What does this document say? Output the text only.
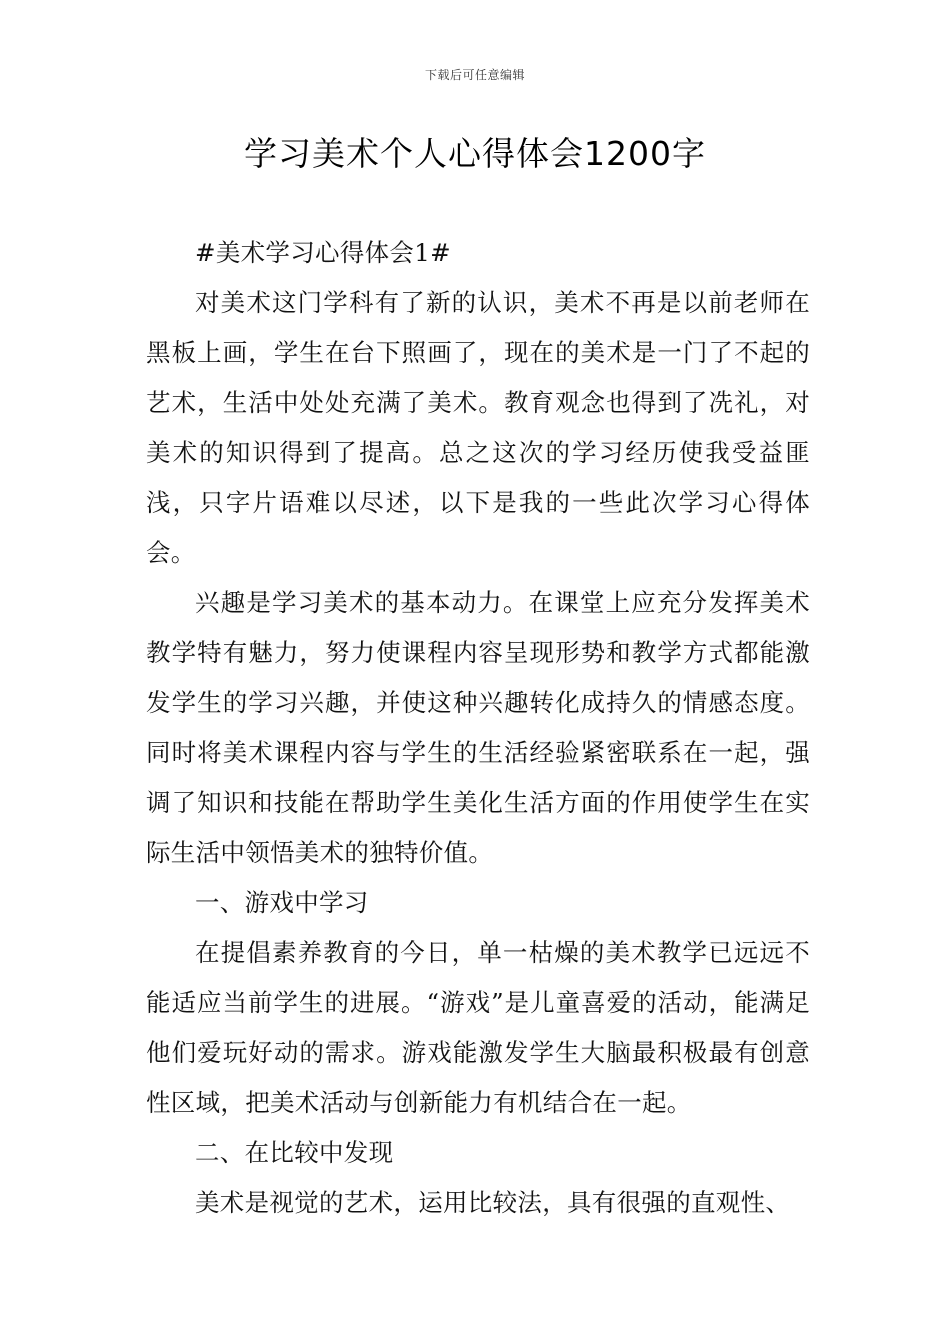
下载后可任意编辑
学习美术个人心得体会1200字

#美术学习心得体会1#

对美术这门学科有了新的认识，美术不再是以前老师在黑板上画，学生在台下照画了，现在的美术是一门了不起的艺术，生活中处处充满了美术。教育观念也得到了冼礼，对美术的知识得到了提高。总之这次的学习经历使我受益匪浅，只字片语难以尽述，以下是我的一些此次学习心得体会。

兴趣是学习美术的基本动力。在课堂上应充分发挥美术教学特有魅力，努力使课程内容呈现形势和教学方式都能激发学生的学习兴趣，并使这种兴趣转化成持久的情感态度。同时将美术课程内容与学生的生活经验紧密联系在一起，强调了知识和技能在帮助学生美化生活方面的作用使学生在实际生活中领悟美术的独特价值。

一、游戏中学习

在提倡素养教育的今日，单一枯燥的美术教学已远远不能适应当前学生的进展。“游戏”是儿童喜爱的活动，能满足他们爱玩好动的需求。游戏能激发学生大脑最积极最有创意性区域，把美术活动与创新能力有机结合在一起。

二、在比较中发现

美术是视觉的艺术，运用比较法，具有很强的直观性、
